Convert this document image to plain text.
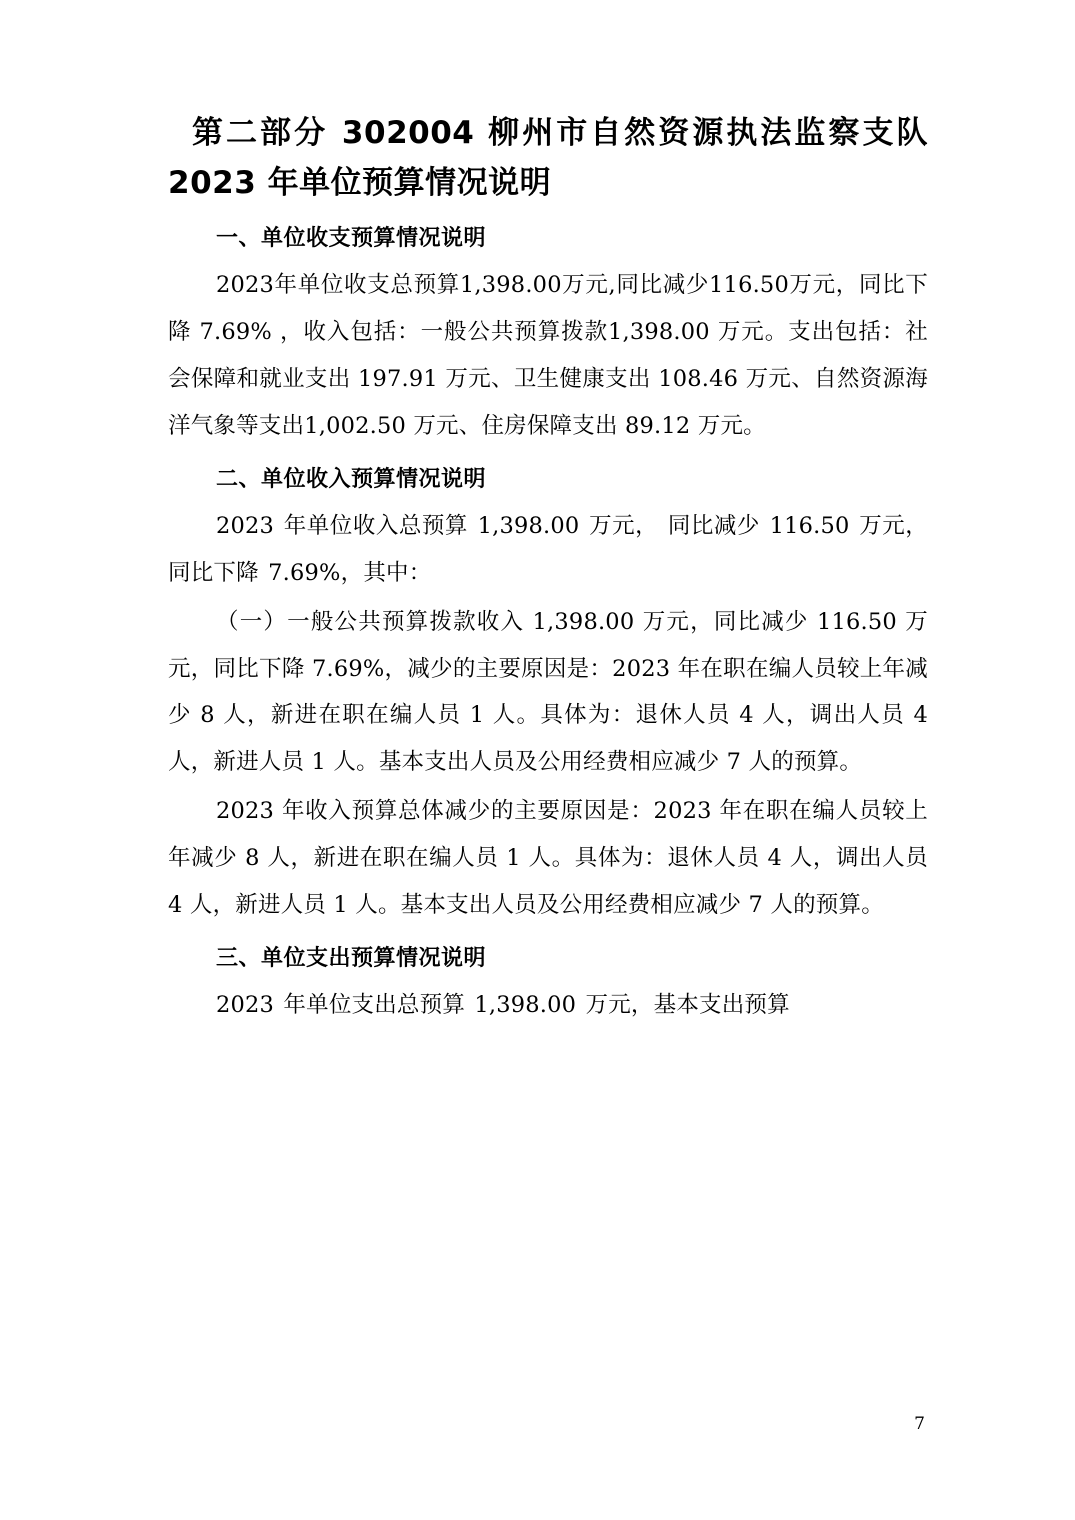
第二部分 302004 柳州市自然资源执法监察支队 2023 年单位预算情况说明
一、单位收支预算情况说明

2023年单位收支总预算1,398.00万元,同比减少116.50万元，同比下降 7.69% ，收入包括：一般公共预算拨款1,398.00 万元。支出包括：社会保障和就业支出 197.91 万元、卫生健康支出 108.46 万元、自然资源海洋气象等支出1,002.50 万元、住房保障支出 89.12 万元。

二、单位收入预算情况说明

2023 年单位收入总预算 1,398.00 万元， 同比减少 116.50 万元，同比下降 7.69%，其中：

（一）一般公共预算拨款收入 1,398.00 万元，同比减少 116.50 万元，同比下降 7.69%，减少的主要原因是：2023 年在职在编人员较上年减少 8 人，新进在职在编人员 1 人。具体为：退休人员 4 人，调出人员 4 人，新进人员 1 人。基本支出人员及公用经费相应减少 7 人的预算。

2023 年收入预算总体减少的主要原因是：2023 年在职在编人员较上年减少 8 人，新进在职在编人员 1 人。具体为：退休人员 4 人，调出人员 4 人，新进人员 1 人。基本支出人员及公用经费相应减少 7 人的预算。

三、单位支出预算情况说明

2023 年单位支出总预算 1,398.00 万元，基本支出预算

7
